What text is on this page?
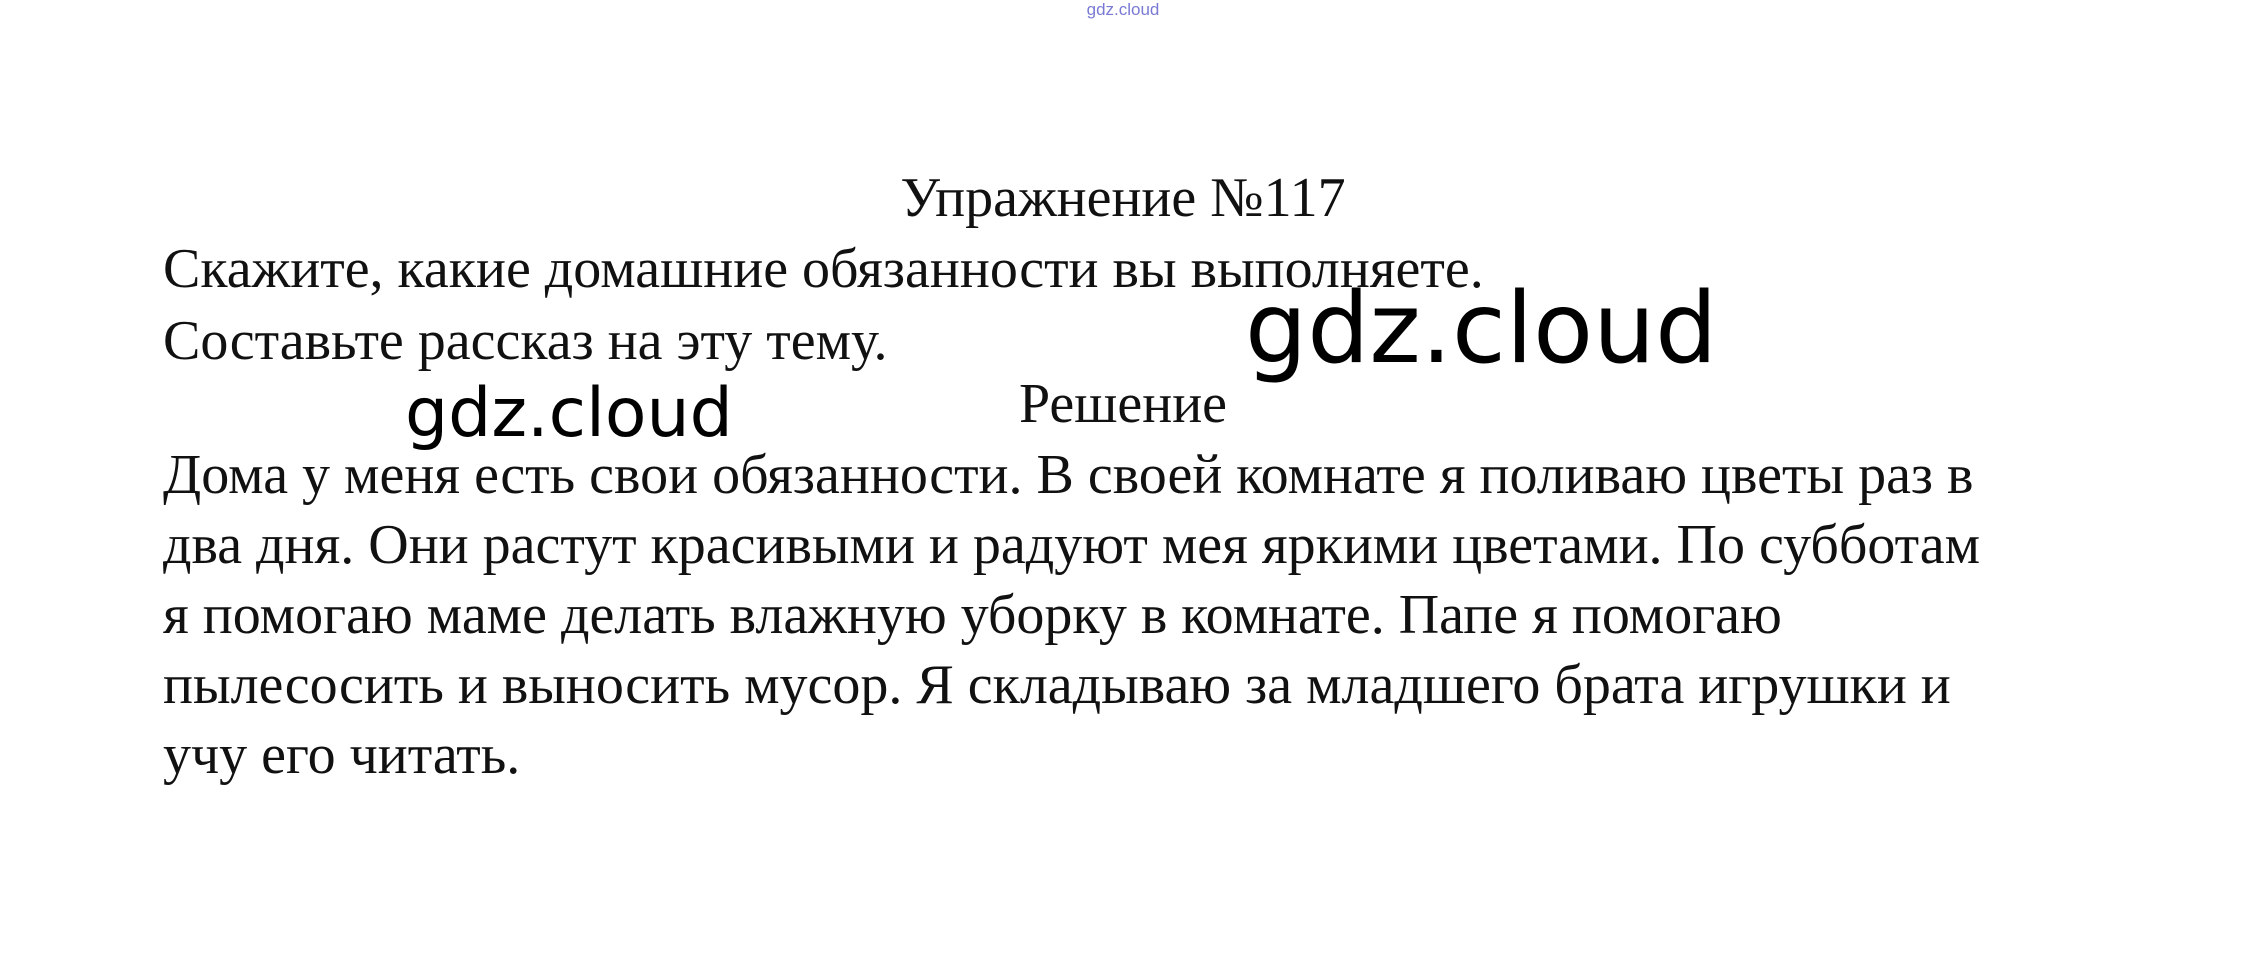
gdz.cloud
Упражнение №117
Скажите, какие домашние обязанности вы выполняете.
Составьте рассказ на эту тему.
Решение
Дома у меня есть свои обязанности. В своей комнате я поливаю цветы раз в
два дня. Они растут красивыми и радуют мея яркими цветами. По субботам
я помогаю маме делать влажную уборку в комнате. Папе я помогаю
пылесосить и выносить мусор. Я складываю за младшего брата игрушки и
учу его читать.
gdz.cloud
gdz.cloud
